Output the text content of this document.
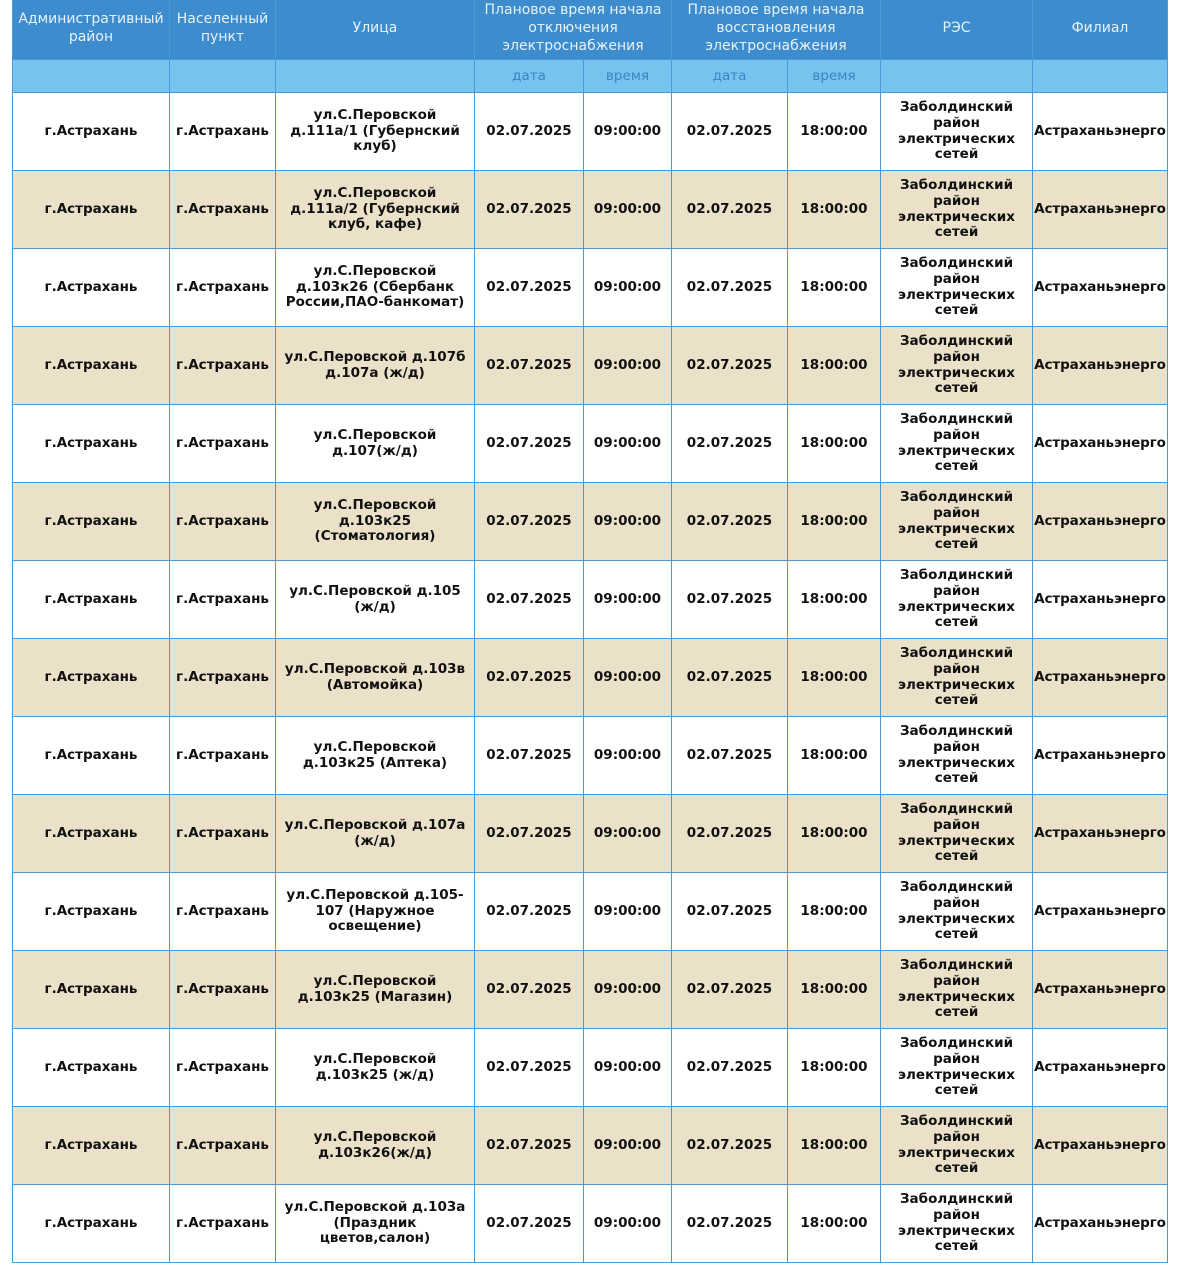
Административный район	Населенный пункт	Улица	Плановое время начала отключения электроснабжения		Плановое время начала восстановления электроснабжения		РЭС	Филиал
			дата	время	дата	время		
г.Астрахань	г.Астрахань	ул.С.Перовской д.111а/1 (Губернский клуб)	02.07.2025	09:00:00	02.07.2025	18:00:00	Заболдинский район электрических сетей	Астраханьэнерго
г.Астрахань	г.Астрахань	ул.С.Перовской д.111а/2 (Губернский клуб, кафе)	02.07.2025	09:00:00	02.07.2025	18:00:00	Заболдинский район электрических сетей	Астраханьэнерго
г.Астрахань	г.Астрахань	ул.С.Перовской д.103к26 (Сбербанк России,ПАО-банкомат)	02.07.2025	09:00:00	02.07.2025	18:00:00	Заболдинский район электрических сетей	Астраханьэнерго
г.Астрахань	г.Астрахань	ул.С.Перовской д.107б д.107а (ж/д)	02.07.2025	09:00:00	02.07.2025	18:00:00	Заболдинский район электрических сетей	Астраханьэнерго
г.Астрахань	г.Астрахань	ул.С.Перовской д.107(ж/д)	02.07.2025	09:00:00	02.07.2025	18:00:00	Заболдинский район электрических сетей	Астраханьэнерго
г.Астрахань	г.Астрахань	ул.С.Перовской д.103к25 (Стоматология)	02.07.2025	09:00:00	02.07.2025	18:00:00	Заболдинский район электрических сетей	Астраханьэнерго
г.Астрахань	г.Астрахань	ул.С.Перовской д.105 (ж/д)	02.07.2025	09:00:00	02.07.2025	18:00:00	Заболдинский район электрических сетей	Астраханьэнерго
г.Астрахань	г.Астрахань	ул.С.Перовской д.103в (Автомойка)	02.07.2025	09:00:00	02.07.2025	18:00:00	Заболдинский район электрических сетей	Астраханьэнерго
г.Астрахань	г.Астрахань	ул.С.Перовской д.103к25 (Аптека)	02.07.2025	09:00:00	02.07.2025	18:00:00	Заболдинский район электрических сетей	Астраханьэнерго
г.Астрахань	г.Астрахань	ул.С.Перовской д.107а (ж/д)	02.07.2025	09:00:00	02.07.2025	18:00:00	Заболдинский район электрических сетей	Астраханьэнерго
г.Астрахань	г.Астрахань	ул.С.Перовской д.105-107 (Наружное освещение)	02.07.2025	09:00:00	02.07.2025	18:00:00	Заболдинский район электрических сетей	Астраханьэнерго
г.Астрахань	г.Астрахань	ул.С.Перовской д.103к25 (Магазин)	02.07.2025	09:00:00	02.07.2025	18:00:00	Заболдинский район электрических сетей	Астраханьэнерго
г.Астрахань	г.Астрахань	ул.С.Перовской д.103к25 (ж/д)	02.07.2025	09:00:00	02.07.2025	18:00:00	Заболдинский район электрических сетей	Астраханьэнерго
г.Астрахань	г.Астрахань	ул.С.Перовской д.103к26(ж/д)	02.07.2025	09:00:00	02.07.2025	18:00:00	Заболдинский район электрических сетей	Астраханьэнерго
г.Астрахань	г.Астрахань	ул.С.Перовской д.103а (Праздник цветов,салон)	02.07.2025	09:00:00	02.07.2025	18:00:00	Заболдинский район электрических сетей	Астраханьэнерго
